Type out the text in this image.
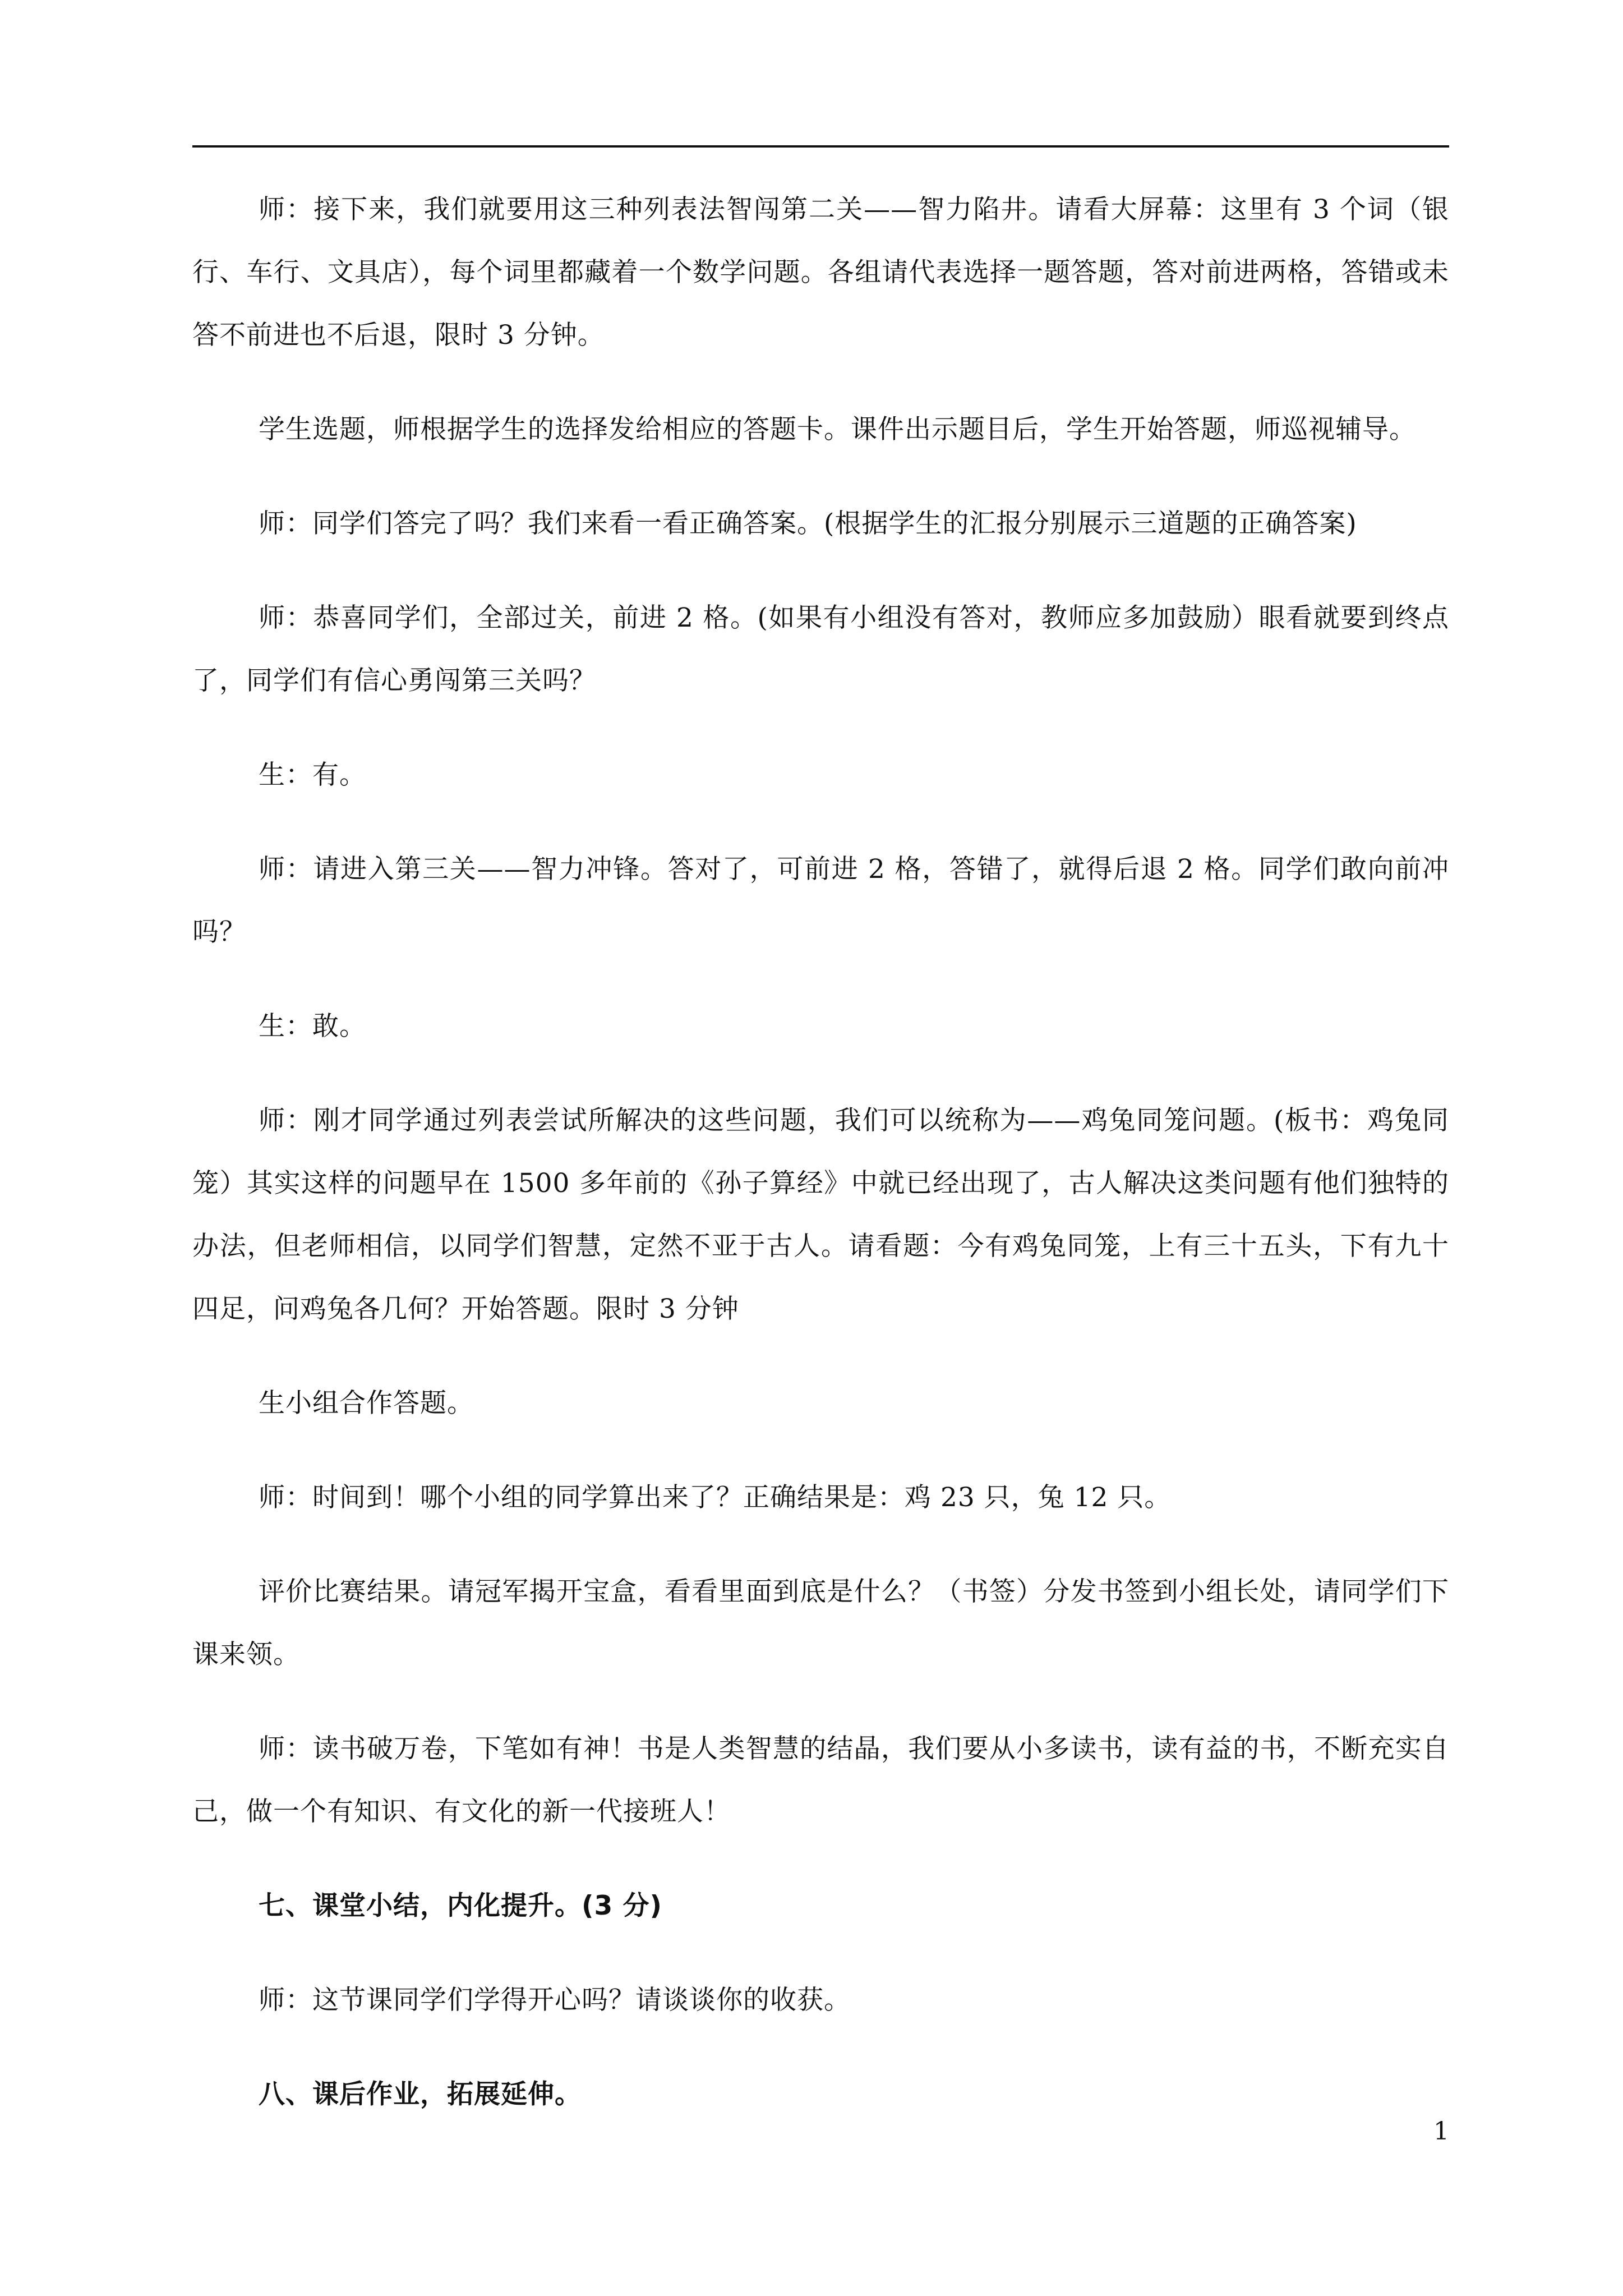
师：接下来，我们就要用这三种列表法智闯第二关——智力陷井。请看大屏幕：这里有 3 个词（银行、车行、文具店），每个词里都藏着一个数学问题。各组请代表选择一题答题，答对前进两格，答错或未答不前进也不后退，限时 3 分钟。

学生选题，师根据学生的选择发给相应的答题卡。课件出示题目后，学生开始答题，师巡视辅导。

师：同学们答完了吗？我们来看一看正确答案。(根据学生的汇报分别展示三道题的正确答案)

师：恭喜同学们，全部过关，前进 2 格。(如果有小组没有答对，教师应多加鼓励）眼看就要到终点了，同学们有信心勇闯第三关吗？

生：有。

师：请进入第三关——智力冲锋。答对了，可前进 2 格，答错了，就得后退 2 格。同学们敢向前冲吗？

生：敢。

师：刚才同学通过列表尝试所解决的这些问题，我们可以统称为——鸡兔同笼问题。(板书：鸡兔同笼）其实这样的问题早在 1500 多年前的《孙子算经》中就已经出现了，古人解决这类问题有他们独特的办法，但老师相信，以同学们智慧，定然不亚于古人。请看题：今有鸡兔同笼，上有三十五头，下有九十四足，问鸡兔各几何？开始答题。限时 3 分钟

生小组合作答题。

师：时间到！哪个小组的同学算出来了？正确结果是：鸡 23 只，兔 12 只。

评价比赛结果。请冠军揭开宝盒，看看里面到底是什么？（书签）分发书签到小组长处，请同学们下课来领。

师：读书破万卷，下笔如有神！书是人类智慧的结晶，我们要从小多读书，读有益的书，不断充实自己，做一个有知识、有文化的新一代接班人！

七、课堂小结，内化提升。(3 分)

师：这节课同学们学得开心吗？请谈谈你的收获。

八、课后作业，拓展延伸。

1
